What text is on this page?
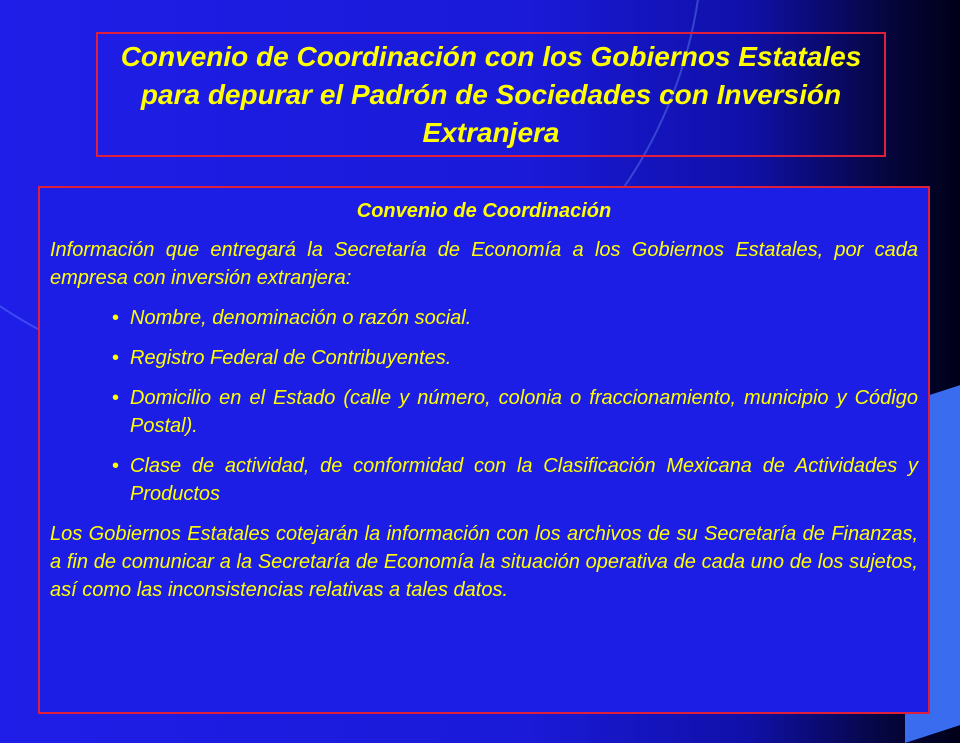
Convenio de Coordinación con los Gobiernos Estatales para depurar el Padrón de Sociedades con Inversión Extranjera
Convenio de Coordinación

Información que entregará la Secretaría de Economía a los Gobiernos Estatales, por cada empresa con inversión extranjera:

• Nombre, denominación o razón social.
• Registro Federal de Contribuyentes.
• Domicilio en el Estado (calle y número, colonia o fraccionamiento, municipio y Código Postal).
• Clase de actividad, de conformidad con la Clasificación Mexicana de Actividades y Productos

Los Gobiernos Estatales cotejarán la información con los archivos de su Secretaría de Finanzas, a fin de comunicar a la Secretaría de Economía la situación operativa de cada uno de los sujetos, así como las inconsistencias relativas a tales datos.
